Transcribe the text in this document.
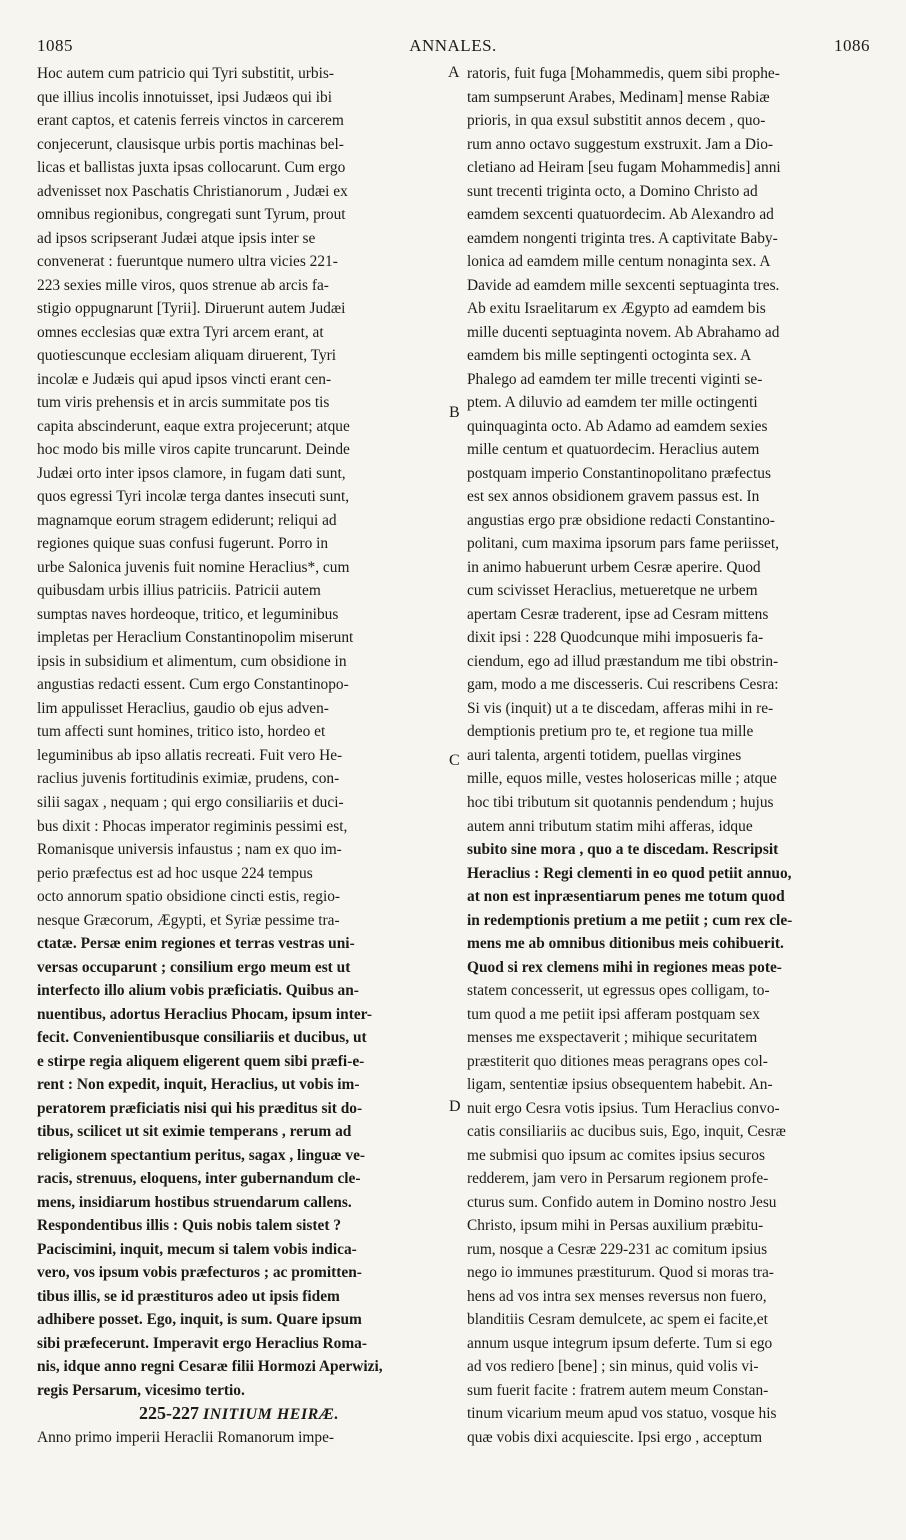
1085	ANNALES.	1086
A
B
C
D
Hoc autem cum patricio qui Tyri substitit, urbis-
que illius incolis innotuisset, ipsi Judæos qui ibi
erant captos, et catenis ferreis vinctos in carcerem
conjecerunt, clausisque urbis portis machinas bel-
licas et ballistas juxta ipsas collocarunt. Cum ergo
advenisset nox Paschatis Christianorum , Judæi ex
omnibus regionibus, congregati sunt Tyrum, prout
ad ipsos scripserant Judæi atque ipsis inter se
convenerat : fueruntque numero ultra vicies 221-
223 sexies mille viros, quos strenue ab arcis fa-
stigio oppugnarunt [Tyrii]. Diruerunt autem Judæi
omnes ecclesias quæ extra Tyri arcem erant, at
quotiescunque ecclesiam aliquam diruerent, Tyri
incolæ e Judæis qui apud ipsos vincti erant cen-
tum viris prehensis et in arcis summitate pos tis
capita abscinderunt, eaque extra projecerunt; atque
hoc modo bis mille viros capite truncarunt. Deinde
Judæi orto inter ipsos clamore, in fugam dati sunt,
quos egressi Tyri incolæ terga dantes insecuti sunt,
magnamque eorum stragem ediderunt; reliqui ad
regiones quique suas confusi fugerunt. Porro in
urbe Salonica juvenis fuit nomine Heraclius*, cum
quibusdam urbis illius patriciis. Patricii autem
sumptas naves hordeoque, tritico, et leguminibus
impletas per Heraclium Constantinopolim miserunt
ipsis in subsidium et alimentum, cum obsidione in
angustias redacti essent. Cum ergo Constantinopo-
lim appulisset Heraclius, gaudio ob ejus adven-
tum affecti sunt homines, tritico isto, hordeo et
leguminibus ab ipso allatis recreati. Fuit vero He-
raclius juvenis fortitudinis eximiæ, prudens, con-
silii sagax , nequam ; qui ergo consiliariis et duci-
bus dixit : Phocas imperator regiminis pessimi est,
Romanisque universis infaustus ; nam ex quo im-
perio præfectus est ad hoc usque 224 tempus
octo annorum spatio obsidione cincti estis, regio-
nesque Græcorum, Ægypti, et Syriæ pessime tra-
ctatæ. Persæ enim regiones et terras vestras uni-
versas occuparunt ; consilium ergo meum est ut
interfecto illo alium vobis præficiatis. Quibus an-
nuentibus, adortus Heraclius Phocam, ipsum inter-
fecit. Convenientibusque consiliariis et ducibus, ut
e stirpe regia aliquem eligerent quem sibi præfi-e-
rent : Non expedit, inquit, Heraclius, ut vobis im-
peratorem præficiatis nisi qui his præditus sit do-
tibus, scilicet ut sit eximie temperans , rerum ad
religionem spectantium peritus, sagax , linguæ ve-
racis, strenuus, eloquens, inter gubernandum cle-
mens, insidiarum hostibus struendarum callens.
Respondentibus illis : Quis nobis talem sistet ?
Paciscimini, inquit, mecum si talem vobis indica-
vero, vos ipsum vobis præfecturos ; ac promitten-
tibus illis, se id præstituros adeo ut ipsis fidem
adhibere posset. Ego, inquit, is sum. Quare ipsum
sibi præfecerunt. Imperavit ergo Heraclius Roma-
nis, idque anno regni Cesaræ filii Hormozi Aperwizi,
regis Persarum, vicesimo tertio.
225-227 INITIUM HEIRÆ.
Anno primo imperii Heraclii Romanorum impe-
ratoris, fuit fuga [Mohammedis, quem sibi prophe-
tam sumpserunt Arabes, Medinam] mense Rabiæ
prioris, in qua exsul substitit annos decem , quo-
rum anno octavo suggestum exstruxit. Jam a Dio-
cletiano ad Heiram [seu fugam Mohammedis] anni
sunt trecenti triginta octo, a Domino Christo ad
eamdem sexcenti quatuordecim. Ab Alexandro ad
eamdem nongenti triginta tres. A captivitate Baby-
lonica ad eamdem mille centum nonaginta sex. A
Davide ad eamdem mille sexcenti septuaginta tres.
Ab exitu Israelitarum ex Ægypto ad eamdem bis
mille ducenti septuaginta novem. Ab Abrahamo ad
eamdem bis mille septingenti octoginta sex. A
Phalego ad eamdem ter mille trecenti viginti se-
ptem. A diluvio ad eamdem ter mille octingenti
quinquaginta octo. Ab Adamo ad eamdem sexies
mille centum et quatuordecim. Heraclius autem
postquam imperio Constantinopolitano præfectus
est sex annos obsidionem gravem passus est. In
angustias ergo præ obsidione redacti Constantino-
politani, cum maxima ipsorum pars fame periisset,
in animo habuerunt urbem Cesræ aperire. Quod
cum scivisset Heraclius, metueretque ne urbem
apertam Cesræ traderent, ipse ad Cesram mittens
dixit ipsi : 228 Quodcunque mihi imposueris fa-
ciendum, ego ad illud præstandum me tibi obstrin-
gam, modo a me discesseris. Cui rescribens Cesra:
Si vis (inquit) ut a te discedam, afferas mihi in re-
demptionis pretium pro te, et regione tua mille
auri talenta, argenti totidem, puellas virgines
mille, equos mille, vestes holosericas mille ; atque
hoc tibi tributum sit quotannis pendendum ; hujus
autem anni tributum statim mihi afferas, idque
subito sine mora , quo a te discedam. Rescripsit
Heraclius : Regi clementi in eo quod petiit annuo,
at non est inpræsentiarum penes me totum quod
in redemptionis pretium a me petiit ; cum rex cle-
mens me ab omnibus ditionibus meis cohibuerit.
Quod si rex clemens mihi in regiones meas pote-
statem concesserit, ut egressus opes colligam, to-
tum quod a me petiit ipsi afferam postquam sex
menses me exspectaverit ; mihique securitatem
præstiterit quo ditiones meas peragrans opes col-
ligam, sententiæ ipsius obsequentem habebit. An-
nuit ergo Cesra votis ipsius. Tum Heraclius convo-
catis consiliariis ac ducibus suis, Ego, inquit, Cesræ
me submisi quo ipsum ac comites ipsius securos
redderem, jam vero in Persarum regionem profe-
cturus sum. Confido autem in Domino nostro Jesu
Christo, ipsum mihi in Persas auxilium præbitu-
rum, nosque a Cesræ 229-231 ac comitum ipsius
nego io immunes præstiturum. Quod si moras tra-
hens ad vos intra sex menses reversus non fuero,
blanditiis Cesram demulcete, ac spem ei facite,et
annum usque integrum ipsum deferte. Tum si ego
ad vos rediero [bene] ; sin minus, quid volis vi-
sum fuerit facite : fratrem autem meum Constan-
tinum vicarium meum apud vos statuo, vosque his
quæ vobis dixi acquiescite. Ipsi ergo , acceptum
